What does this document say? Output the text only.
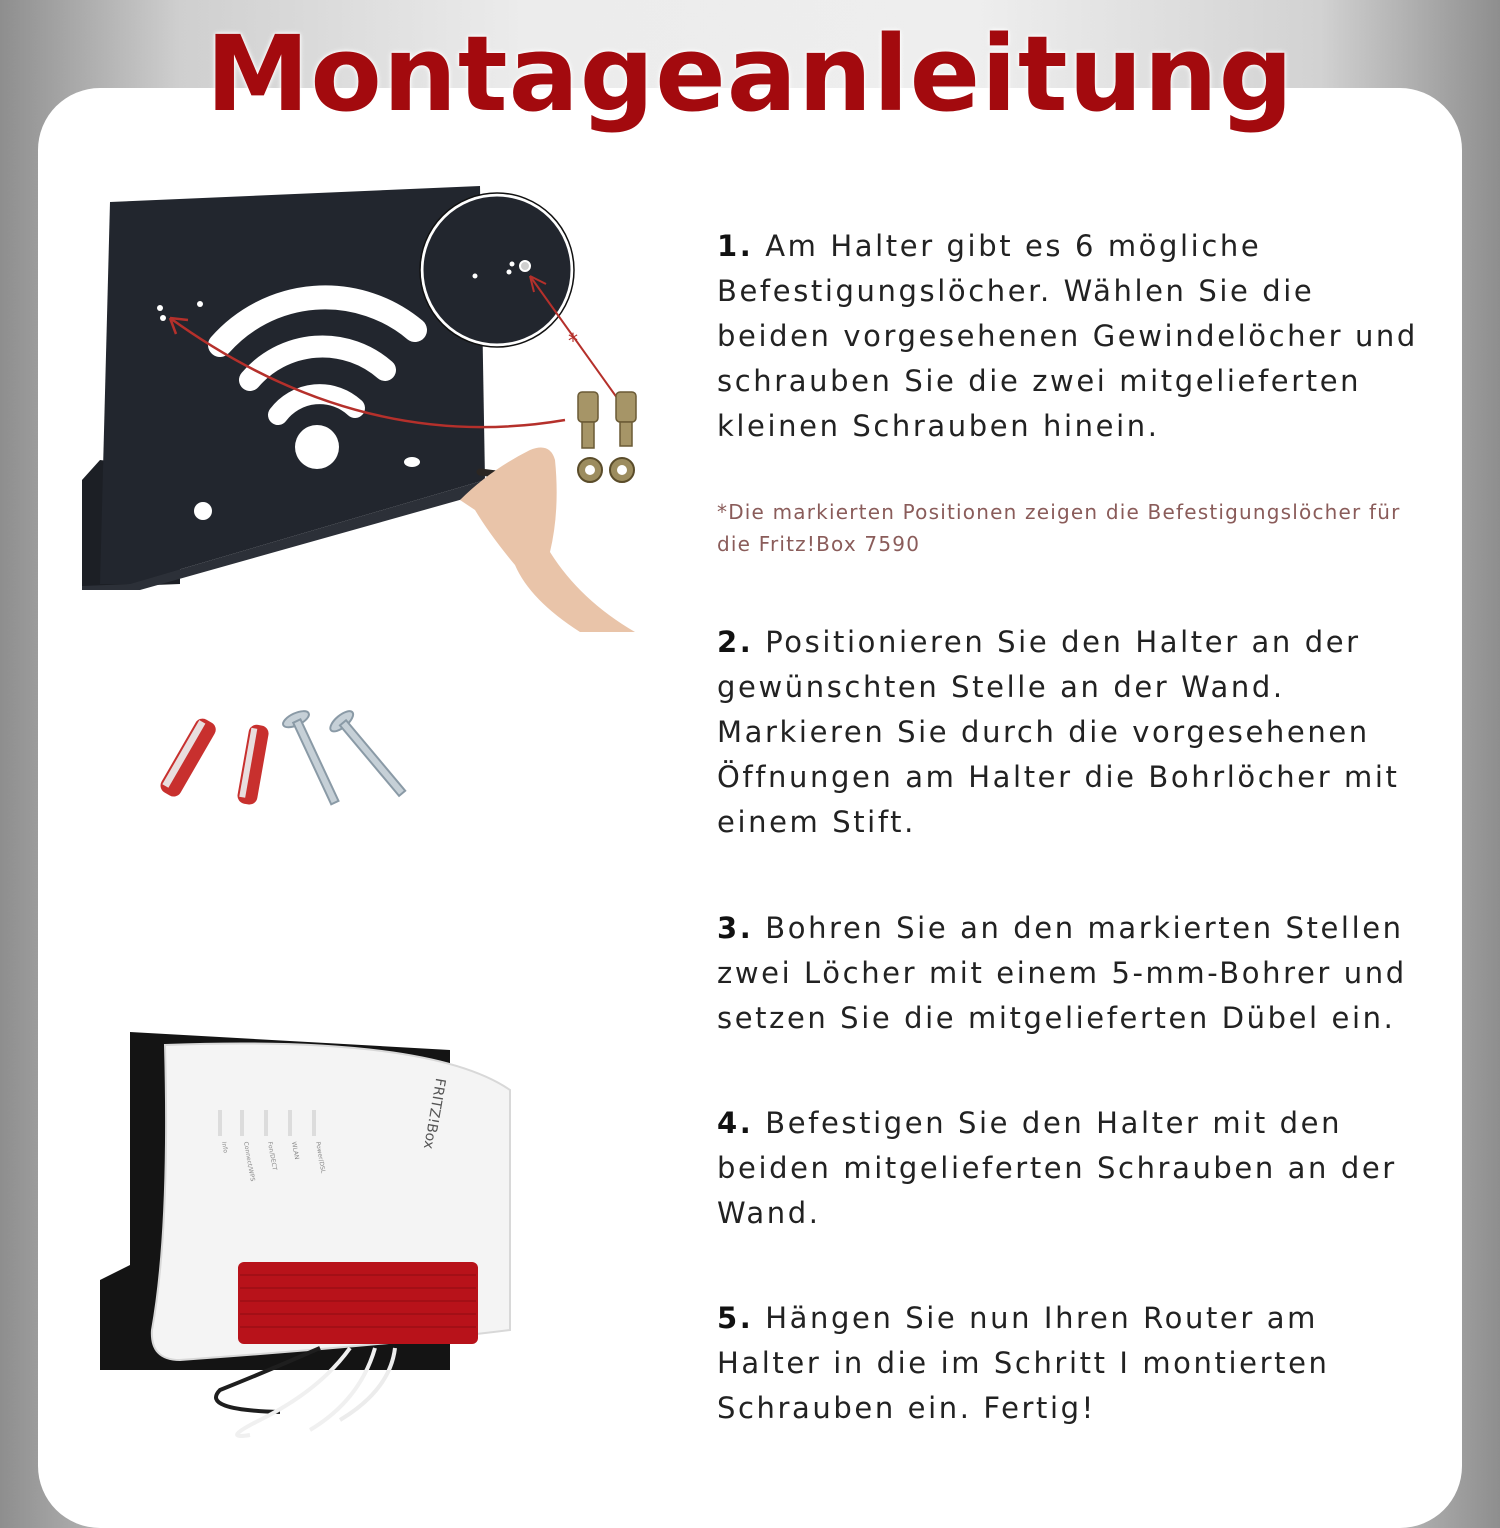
Montageanleitung
*
FRITZ!Box
Power/DSL
WLAN
Fon/DECT
Connect/WPS
Info
1. Am Halter gibt es 6 mögliche Befestigungslöcher. Wählen Sie die beiden vorgesehenen Gewindelöcher und schrauben Sie die zwei mitgelieferten kleinen Schrauben hinein.
*Die markierten Positionen zeigen die Befestigungslöcher für die Fritz!Box 7590
2. Positionieren Sie den Halter an der gewünschten Stelle an der Wand. Markieren Sie durch die vorgesehenen Öffnungen am Halter die Bohrlöcher mit einem Stift.
3. Bohren Sie an den markierten Stellen zwei Löcher mit einem 5-mm-Bohrer und setzen Sie die mitgelieferten Dübel ein.
4. Befestigen Sie den Halter mit den beiden mitgelieferten Schrauben an der Wand.
5. Hängen Sie nun Ihren Router am Halter in die im Schritt I montierten Schrauben ein. Fertig!
